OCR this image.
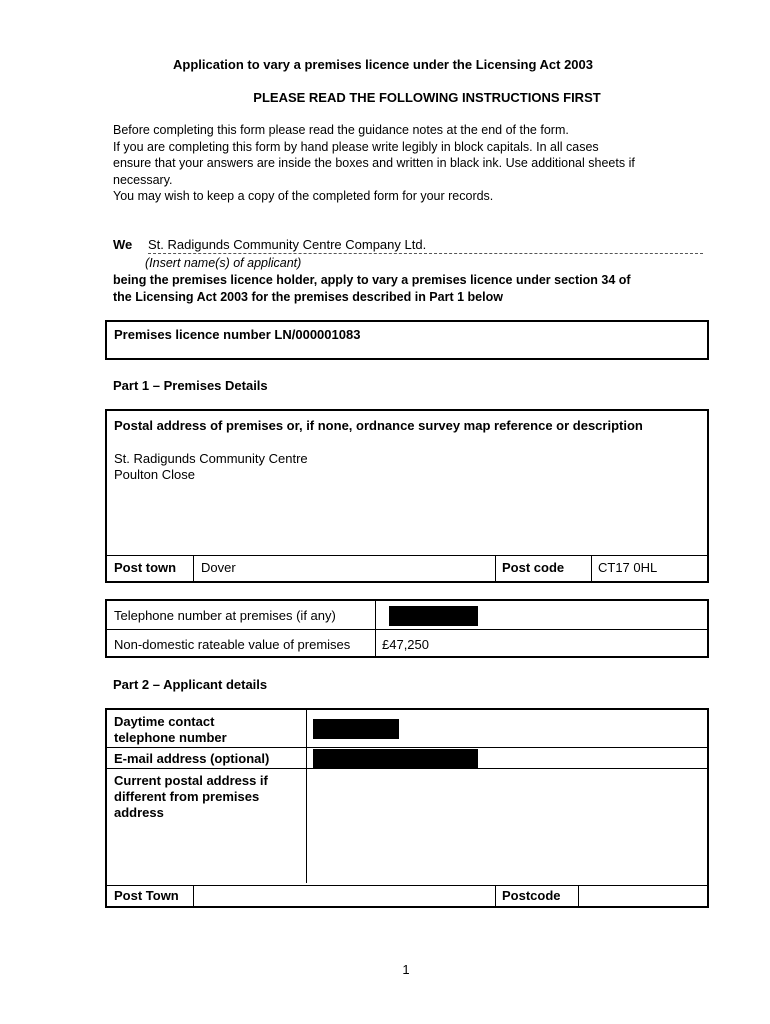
Application to vary a premises licence under the Licensing Act 2003
PLEASE READ THE FOLLOWING INSTRUCTIONS FIRST
Before completing this form please read the guidance notes at the end of the form.
If you are completing this form by hand please write legibly in block capitals. In all cases
ensure that your answers are inside the boxes and written in black ink. Use additional sheets if
necessary.
You may wish to keep a copy of the completed form for your records.
We St. Radigunds Community Centre Company Ltd.
(Insert name(s) of applicant)
being the premises licence holder, apply to vary a premises licence under section 34 of
the Licensing Act 2003 for the premises described in Part 1 below
Premises licence number LN/000001083
Part 1 – Premises Details
Postal address of premises or, if none, ordnance survey map reference or description
St. Radigunds Community Centre
Poulton Close
Post town Dover	Post code	CT17 0HL
Telephone number at premises (if any)
Non-domestic rateable value of premises £47,250
Part 2 – Applicant details
Daytime contact
telephone number
E-mail address (optional)
Current postal address if
different from premises
address
Post Town	Postcode
1
